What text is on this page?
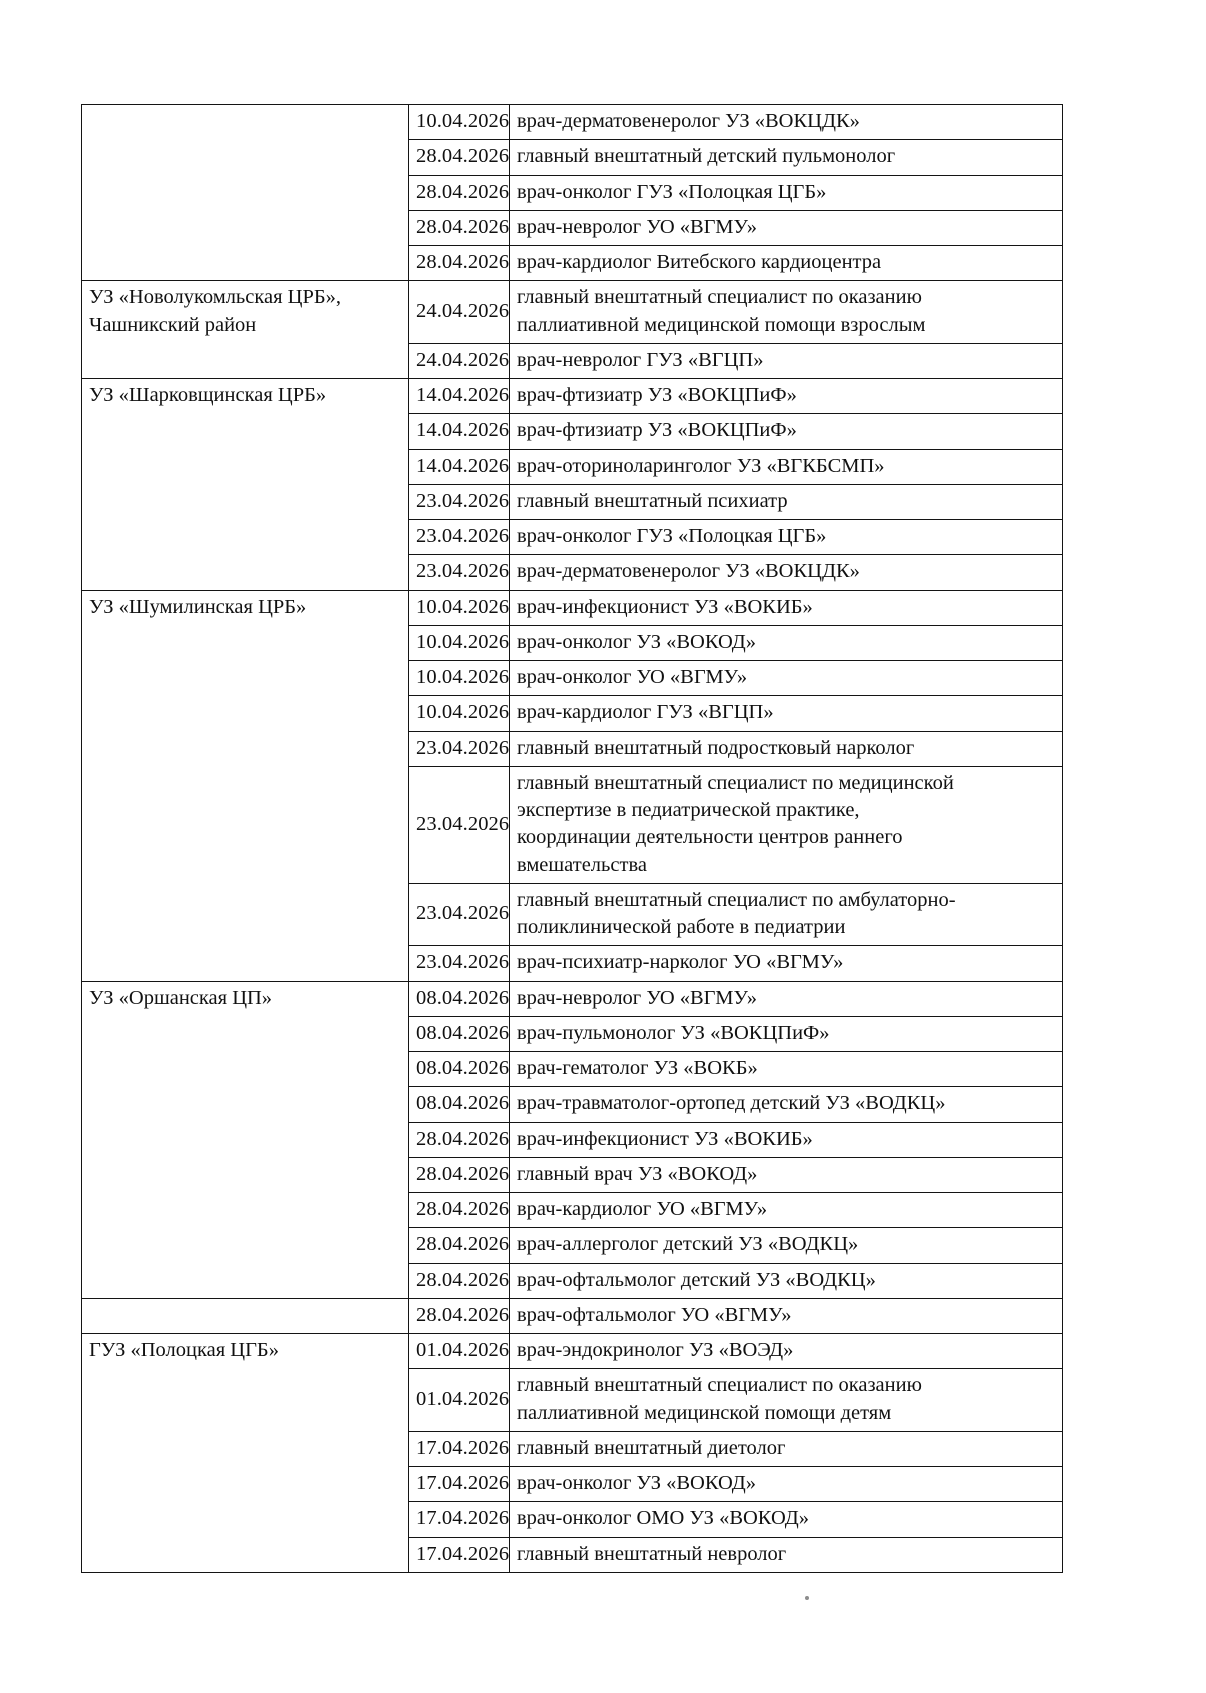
	10.04.2026	врач-дерматовенеролог УЗ «ВОКЦДК»

	28.04.2026	главный внештатный детский пульмонолог

	28.04.2026	врач-онколог ГУЗ «Полоцкая ЦГБ»

	28.04.2026	врач-невролог УО «ВГМУ»

	28.04.2026	врач-кардиолог Витебского кардиоцентра

УЗ «Новолукомльская ЦРБ», Чашникский район	24.04.2026	главный внештатный специалист по оказанию
паллиативной медицинской помощи взрослым

	24.04.2026	врач-невролог ГУЗ «ВГЦП»

УЗ «Шарковщинская ЦРБ»	14.04.2026	врач-фтизиатр УЗ «ВОКЦПиФ»

	14.04.2026	врач-фтизиатр УЗ «ВОКЦПиФ»

	14.04.2026	врач-оториноларинголог УЗ «ВГКБСМП»

	23.04.2026	главный внештатный психиатр

	23.04.2026	врач-онколог ГУЗ «Полоцкая ЦГБ»

	23.04.2026	врач-дерматовенеролог УЗ «ВОКЦДК»

УЗ «Шумилинская ЦРБ»	10.04.2026	врач-инфекционист УЗ «ВОКИБ»

	10.04.2026	врач-онколог УЗ «ВОКОД»

	10.04.2026	врач-онколог УО «ВГМУ»

	10.04.2026	врач-кардиолог ГУЗ «ВГЦП»

	23.04.2026	главный внештатный подростковый нарколог

	23.04.2026	главный внештатный специалист по медицинской
экспертизе в педиатрической практике,
координации деятельности центров раннего
вмешательства

	23.04.2026	главный внештатный специалист по амбулаторно-
поликлинической работе в педиатрии

	23.04.2026	врач-психиатр-нарколог УО «ВГМУ»

УЗ «Оршанская ЦП»	08.04.2026	врач-невролог УО «ВГМУ»

	08.04.2026	врач-пульмонолог УЗ «ВОКЦПиФ»

	08.04.2026	врач-гематолог УЗ «ВОКБ»

	08.04.2026	врач-травматолог-ортопед детский УЗ «ВОДКЦ»

	28.04.2026	врач-инфекционист УЗ «ВОКИБ»

	28.04.2026	главный врач УЗ «ВОКОД»

	28.04.2026	врач-кардиолог УО «ВГМУ»

	28.04.2026	врач-аллерголог детский УЗ «ВОДКЦ»

	28.04.2026	врач-офтальмолог детский УЗ «ВОДКЦ»

	28.04.2026	врач-офтальмолог УО «ВГМУ»

ГУЗ «Полоцкая ЦГБ»	01.04.2026	врач-эндокринолог УЗ «ВОЭД»

	01.04.2026	главный внештатный специалист по оказанию
паллиативной медицинской помощи детям

	17.04.2026	главный внештатный диетолог

	17.04.2026	врач-онколог УЗ «ВОКОД»

	17.04.2026	врач-онколог ОМО УЗ «ВОКОД»

	17.04.2026	главный внештатный невролог
